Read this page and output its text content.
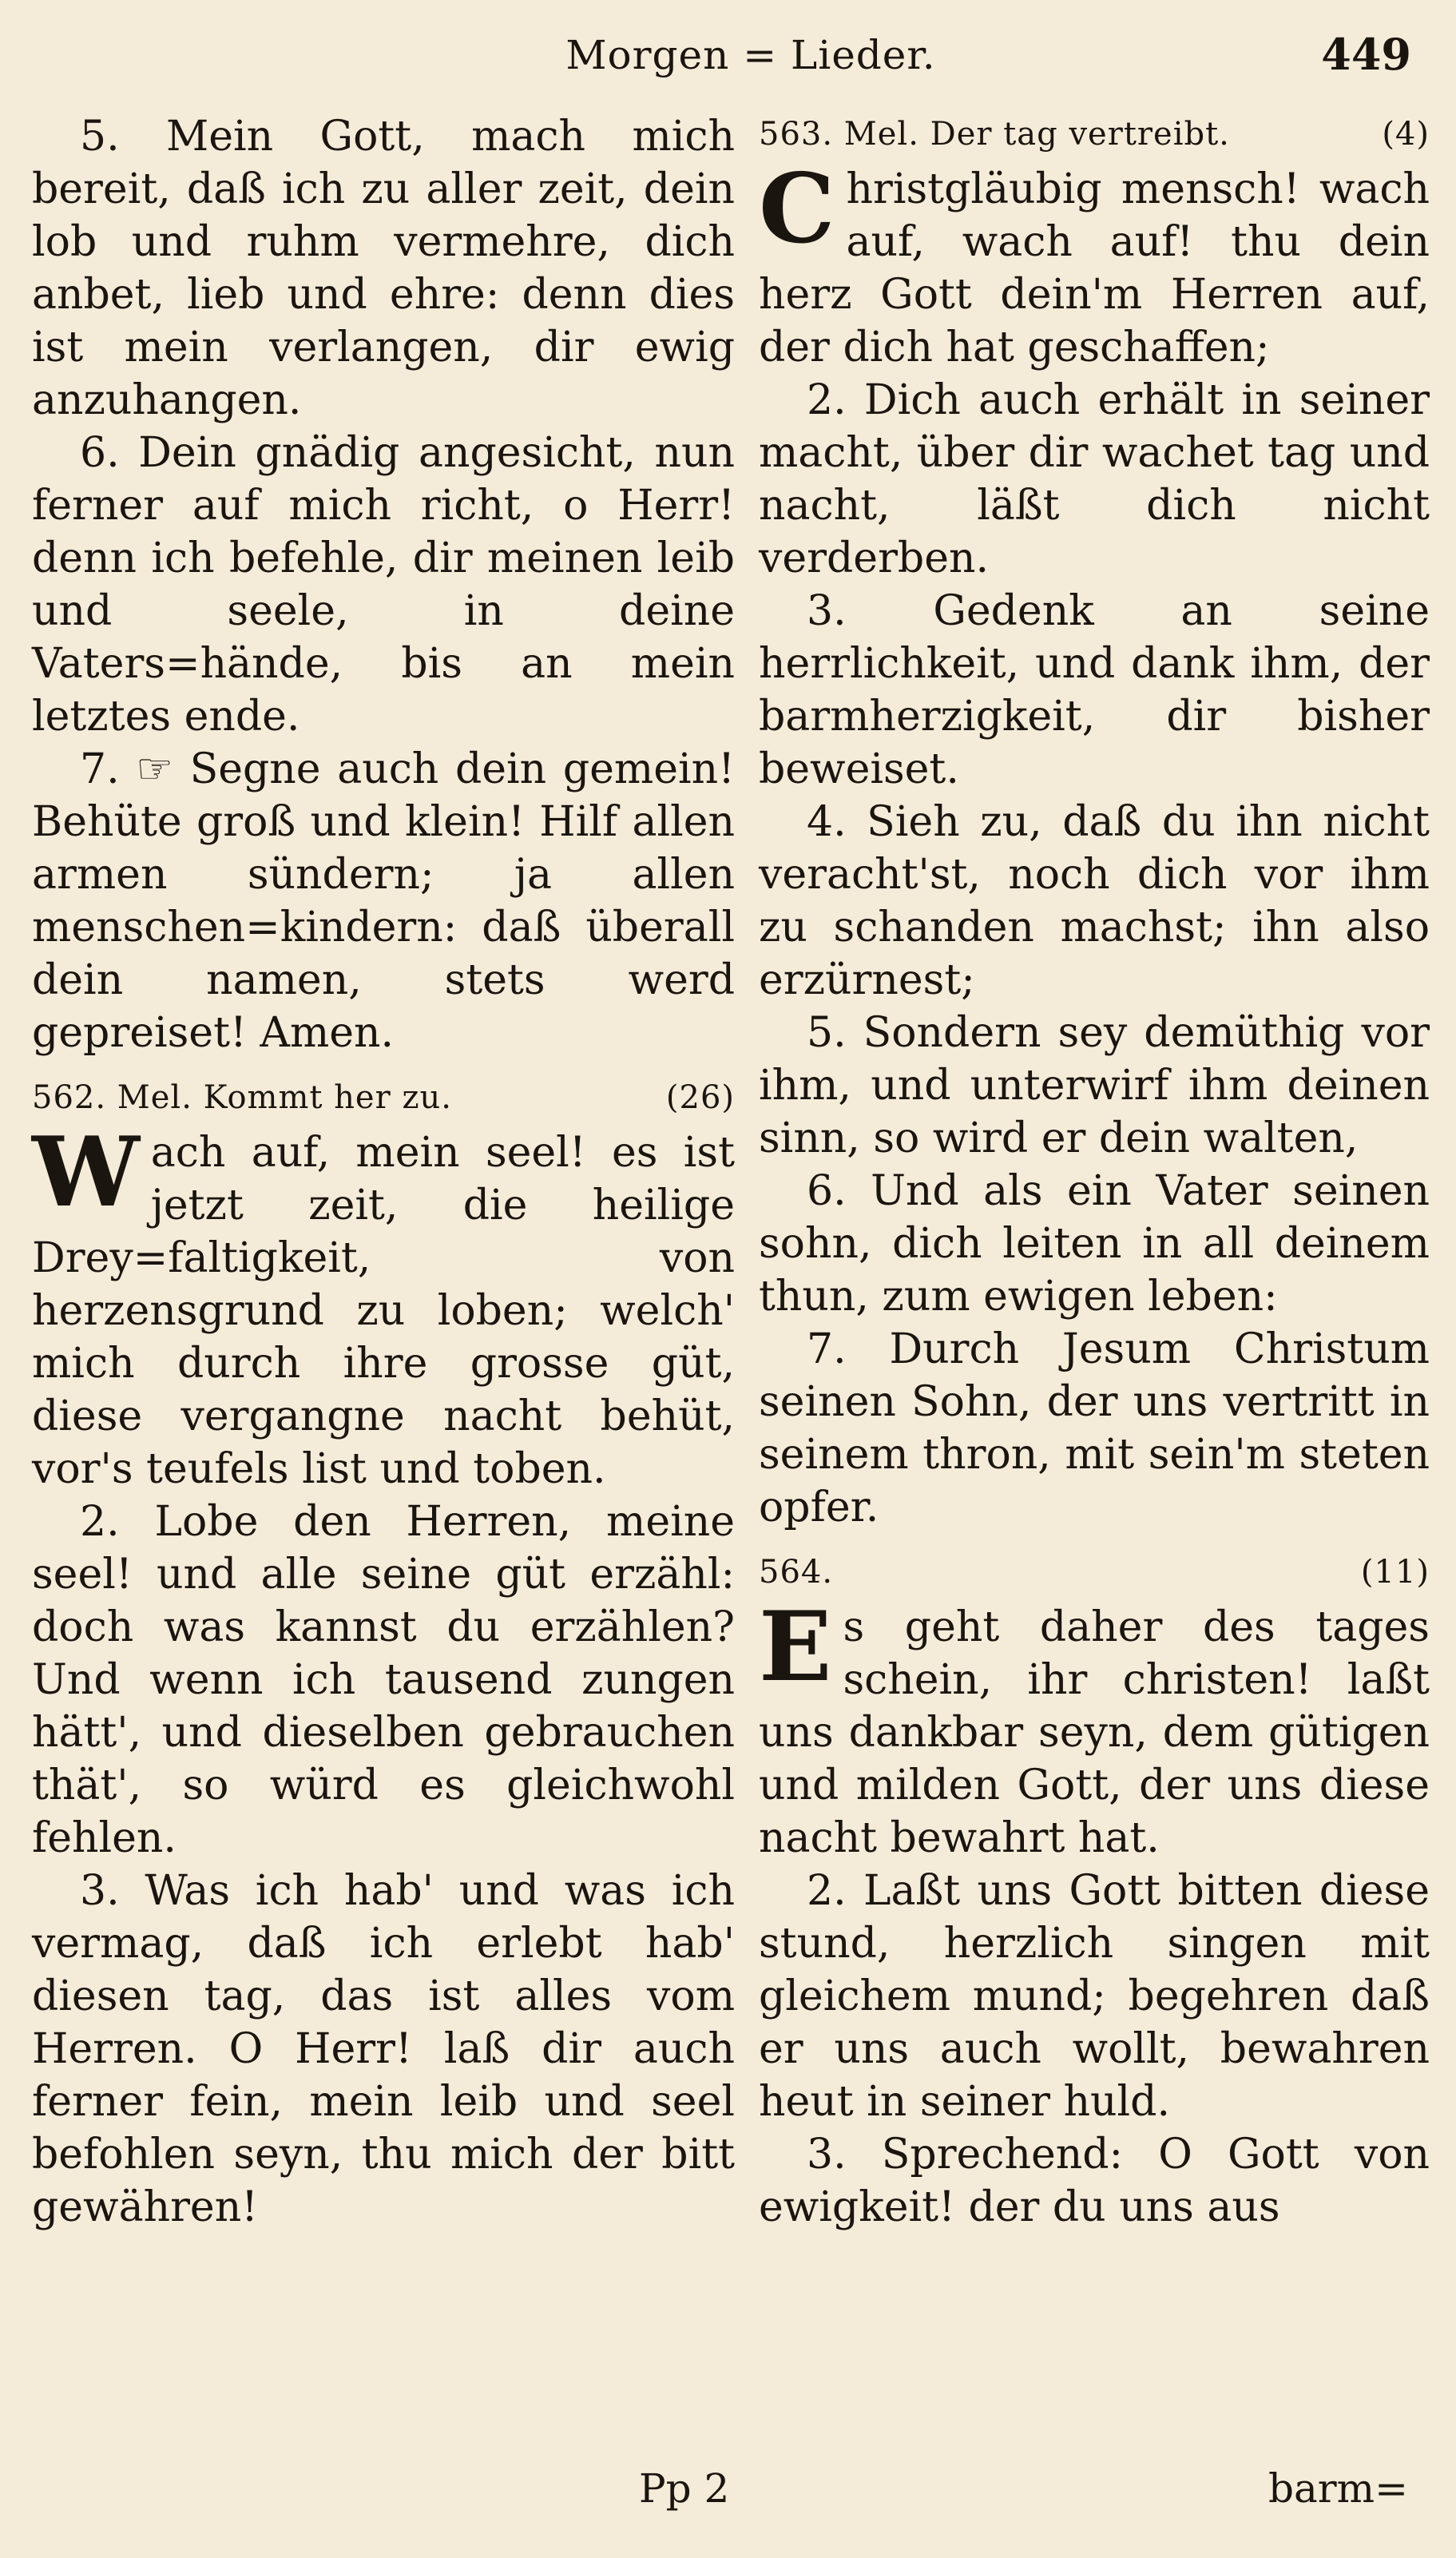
Morgen = Lieder.	449

5. Mein Gott, mach mich bereit, daß ich zu aller zeit, dein lob und ruhm vermehre, dich anbet, lieb und ehre: denn dies ist mein verlangen, dir ewig anzuhangen.

6. Dein gnädig angesicht, nun ferner auf mich richt, o Herr! denn ich befehle, dir meinen leib und seele, in deine Vaters=hände, bis an mein letztes ende.

7. ☞ Segne auch dein gemein! Behüte groß und klein! Hilf allen armen sündern; ja allen menschen=kindern: daß überall dein namen, stets werd gepreiset! Amen.

562. Mel. Kommt her zu.	(26)

Wach auf, mein seel! es ist jetzt zeit, die heilige Drey=faltigkeit, von herzensgrund zu loben; welch' mich durch ihre grosse güt, diese vergangne nacht behüt, vor's teufels list und toben.

2. Lobe den Herren, meine seel! und alle seine güt erzähl: doch was kannst du erzählen? Und wenn ich tausend zungen hätt', und dieselben gebrauchen thät', so würd es gleichwohl fehlen.

3. Was ich hab' und was ich vermag, daß ich erlebt hab' diesen tag, das ist alles vom Herren. O Herr! laß dir auch ferner fein, mein leib und seel befohlen seyn, thu mich der bitt gewähren!

563. Mel. Der tag vertreibt.	(4)

Christgläubig mensch! wach auf, wach auf! thu dein herz Gott dein'm Herren auf, der dich hat geschaffen;

2. Dich auch erhält in seiner macht, über dir wachet tag und nacht, läßt dich nicht verderben.

3. Gedenk an seine herrlichkeit, und dank ihm, der barmherzigkeit, dir bisher beweiset.

4. Sieh zu, daß du ihn nicht veracht'st, noch dich vor ihm zu schanden machst; ihn also erzürnest;

5. Sondern sey demüthig vor ihm, und unterwirf ihm deinen sinn, so wird er dein walten,

6. Und als ein Vater seinen sohn, dich leiten in all deinem thun, zum ewigen leben:

7. Durch Jesum Christum seinen Sohn, der uns vertritt in seinem thron, mit sein'm steten opfer.

564.	(11)

Es geht daher des tages schein, ihr christen! laßt uns dankbar seyn, dem gütigen und milden Gott, der uns diese nacht bewahrt hat.

2. Laßt uns Gott bitten diese stund, herzlich singen mit gleichem mund; begehren daß er uns auch wollt, bewahren heut in seiner huld.

3. Sprechend: O Gott von ewigkeit! der du uns aus

Pp 2	barm=
